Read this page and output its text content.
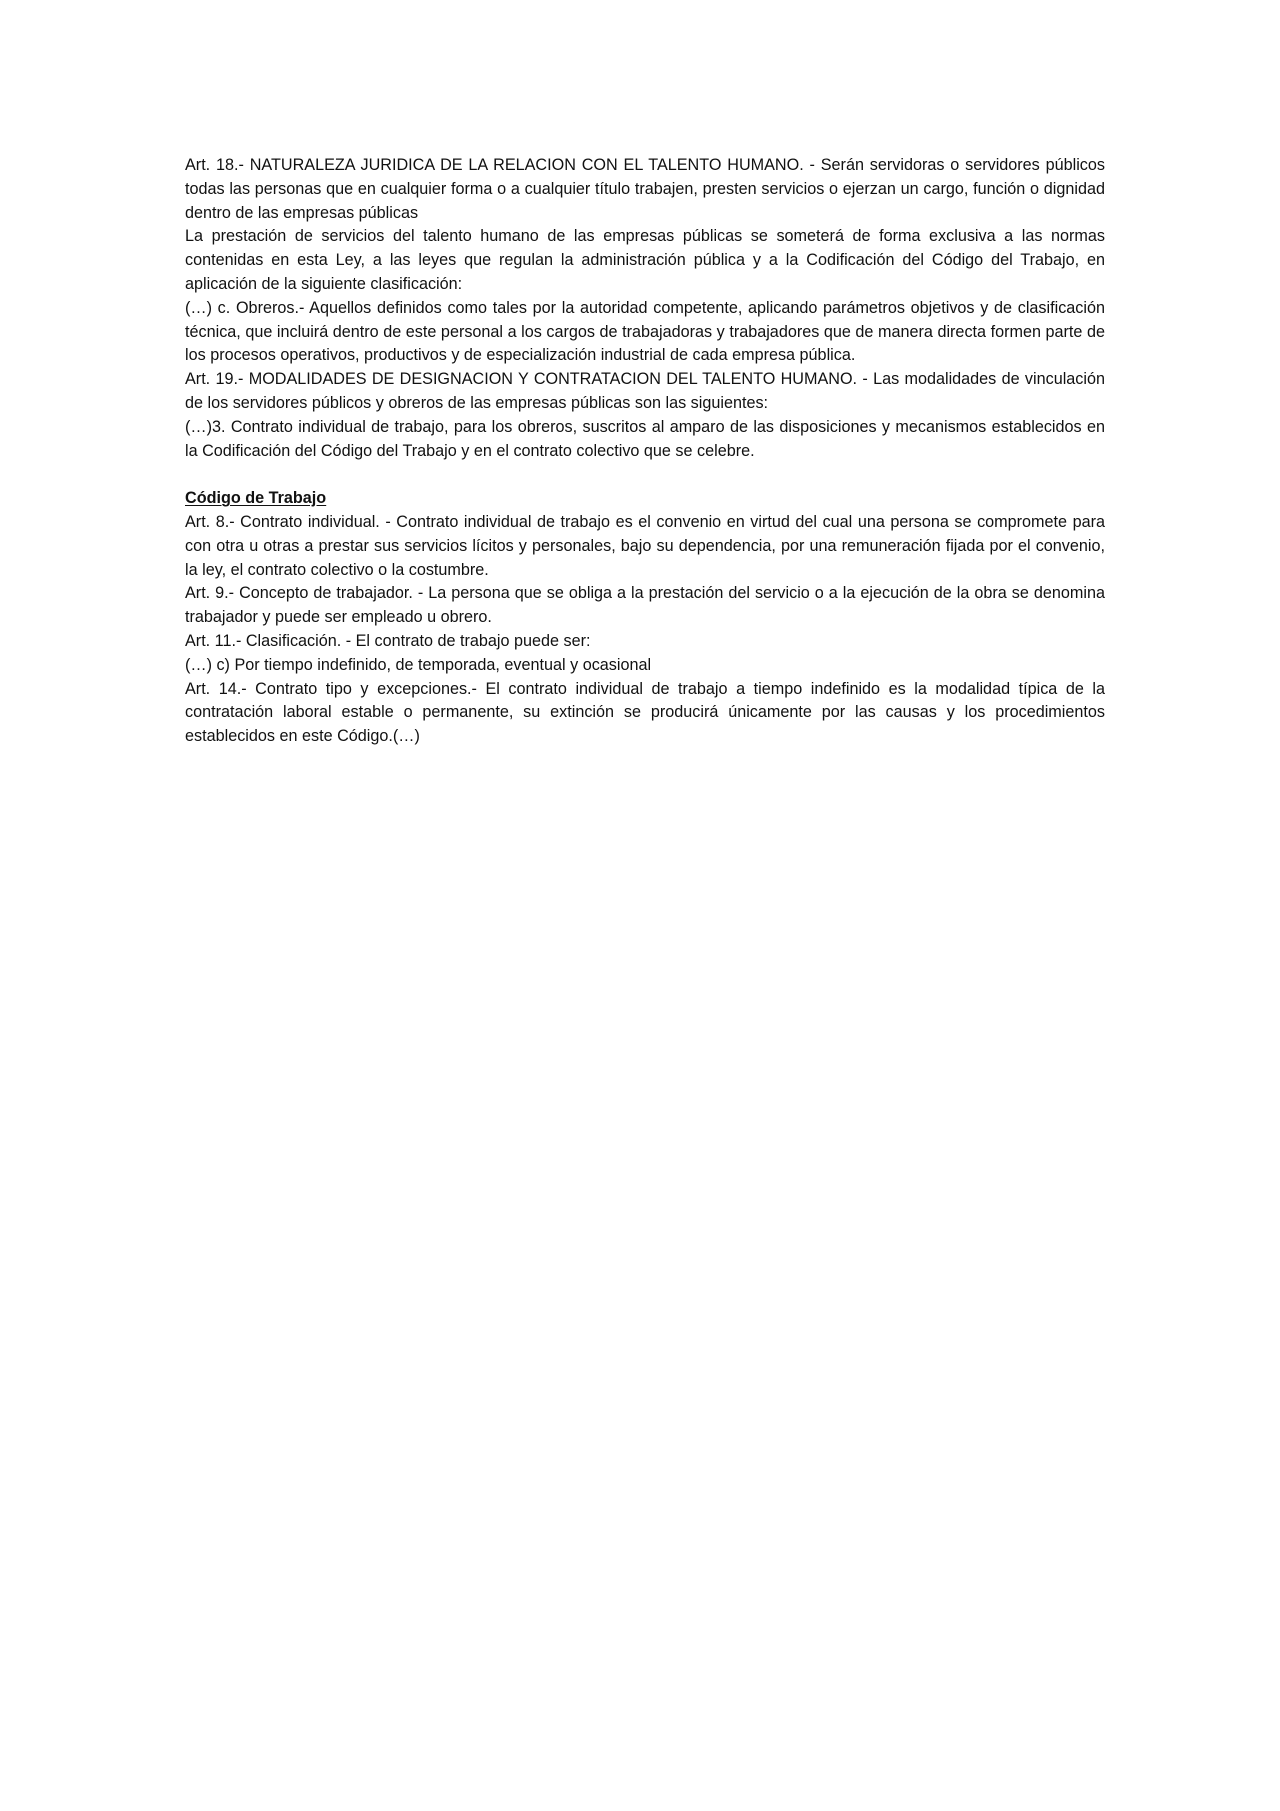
Art. 18.- NATURALEZA JURIDICA DE LA RELACION CON EL TALENTO HUMANO. - Serán servidoras o servidores públicos todas las personas que en cualquier forma o a cualquier título trabajen, presten servicios o ejerzan un cargo, función o dignidad dentro de las empresas públicas

La prestación de servicios del talento humano de las empresas públicas se someterá de forma exclusiva a las normas contenidas en esta Ley, a las leyes que regulan la administración pública y a la Codificación del Código del Trabajo, en aplicación de la siguiente clasificación:

(…) c. Obreros.- Aquellos definidos como tales por la autoridad competente, aplicando parámetros objetivos y de clasificación técnica, que incluirá dentro de este personal a los cargos de trabajadoras y trabajadores que de manera directa formen parte de los procesos operativos, productivos y de especialización industrial de cada empresa pública.

Art. 19.- MODALIDADES DE DESIGNACION Y CONTRATACION DEL TALENTO HUMANO. - Las modalidades de vinculación de los servidores públicos y obreros de las empresas públicas son las siguientes:

(…)3. Contrato individual de trabajo, para los obreros, suscritos al amparo de las disposiciones y mecanismos establecidos en la Codificación del Código del Trabajo y en el contrato colectivo que se celebre.

Código de Trabajo

Art. 8.- Contrato individual. - Contrato individual de trabajo es el convenio en virtud del cual una persona se compromete para con otra u otras a prestar sus servicios lícitos y personales, bajo su dependencia, por una remuneración fijada por el convenio, la ley, el contrato colectivo o la costumbre.

Art. 9.- Concepto de trabajador. - La persona que se obliga a la prestación del servicio o a la ejecución de la obra se denomina trabajador y puede ser empleado u obrero.

Art. 11.- Clasificación. - El contrato de trabajo puede ser:

(…) c) Por tiempo indefinido, de temporada, eventual y ocasional

Art. 14.- Contrato tipo y excepciones.- El contrato individual de trabajo a tiempo indefinido es la modalidad típica de la contratación laboral estable o permanente, su extinción se producirá únicamente por las causas y los procedimientos establecidos en este Código.(…)
